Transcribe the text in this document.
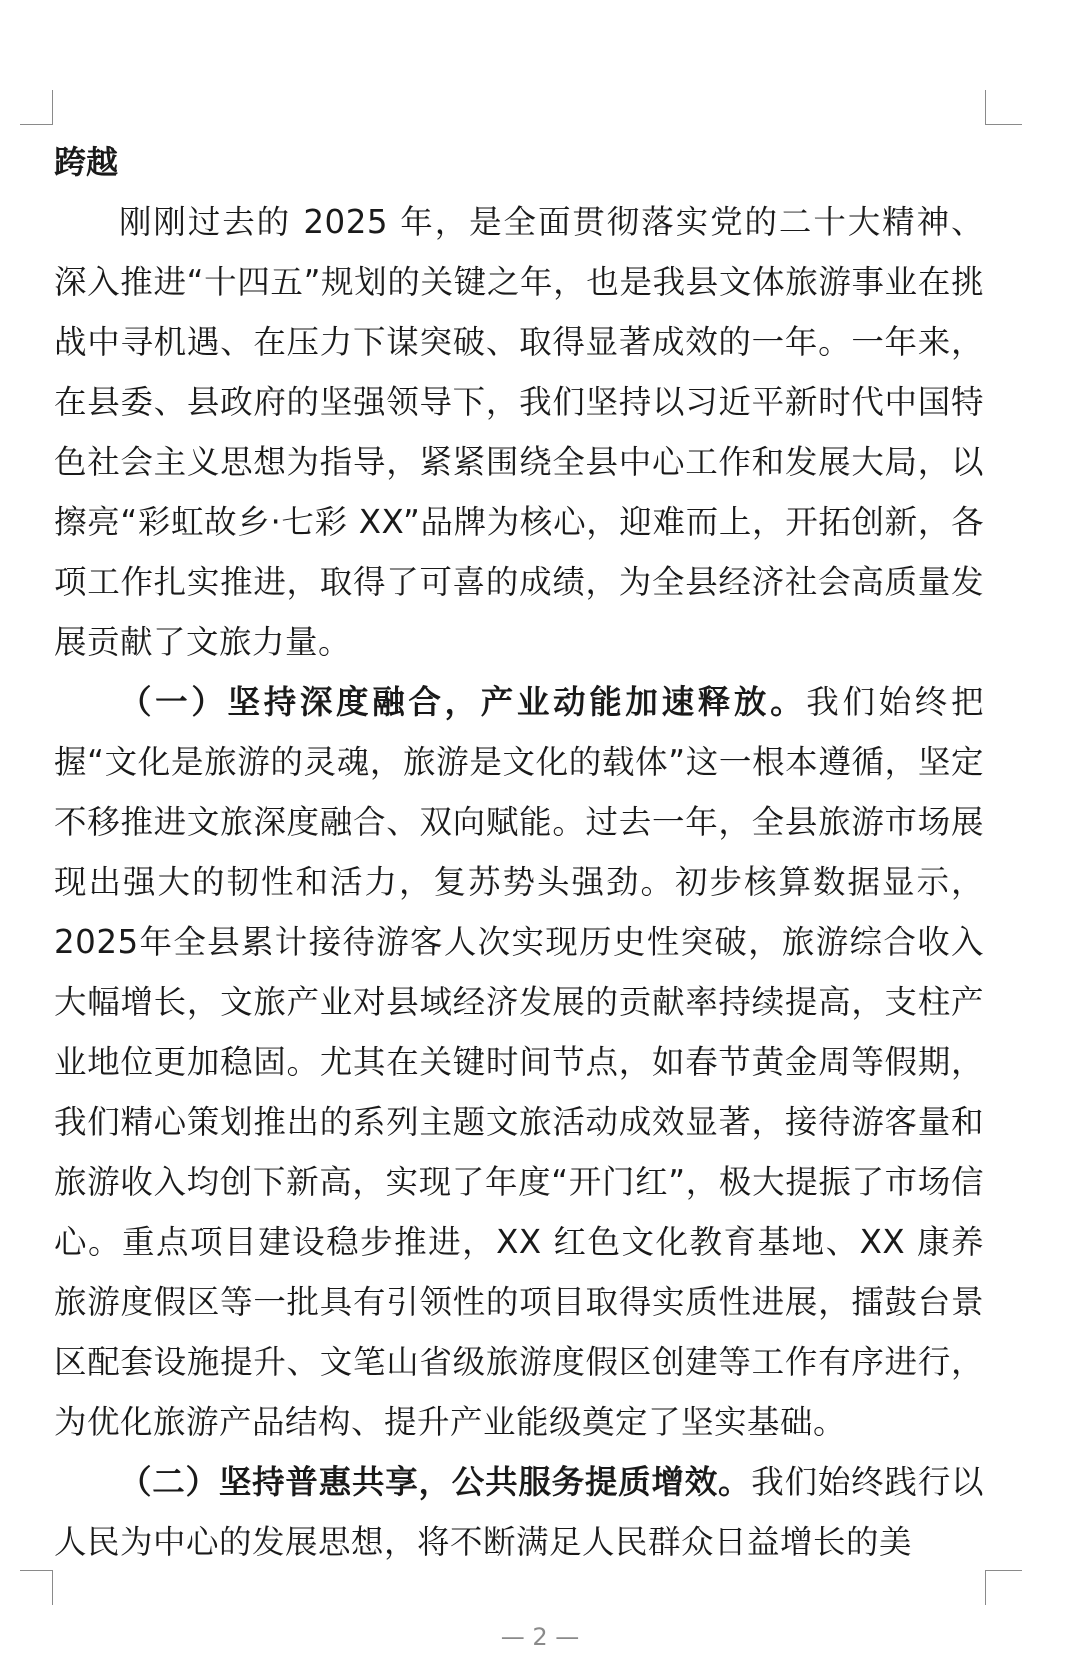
跨越

刚刚过去的 2025 年，是全面贯彻落实党的二十大精神、深入推进“十四五”规划的关键之年，也是我县文体旅游事业在挑战中寻机遇、在压力下谋突破、取得显著成效的一年。一年来，在县委、县政府的坚强领导下，我们坚持以习近平新时代中国特色社会主义思想为指导，紧紧围绕全县中心工作和发展大局，以擦亮“彩虹故乡·七彩 XX”品牌为核心，迎难而上，开拓创新，各项工作扎实推进，取得了可喜的成绩，为全县经济社会高质量发展贡献了文旅力量。

（一）坚持深度融合，产业动能加速释放。我们始终把握“文化是旅游的灵魂，旅游是文化的载体”这一根本遵循，坚定不移推进文旅深度融合、双向赋能。过去一年，全县旅游市场展现出强大的韧性和活力，复苏势头强劲。初步核算数据显示，2025年全县累计接待游客人次实现历史性突破，旅游综合收入大幅增长，文旅产业对县域经济发展的贡献率持续提高，支柱产业地位更加稳固。尤其在关键时间节点，如春节黄金周等假期，我们精心策划推出的系列主题文旅活动成效显著，接待游客量和旅游收入均创下新高，实现了年度“开门红”，极大提振了市场信心。重点项目建设稳步推进，XX 红色文化教育基地、XX 康养旅游度假区等一批具有引领性的项目取得实质性进展，擂鼓台景区配套设施提升、文笔山省级旅游度假区创建等工作有序进行，为优化旅游产品结构、提升产业能级奠定了坚实基础。

（二）坚持普惠共享，公共服务提质增效。我们始终践行以人民为中心的发展思想，将不断满足人民群众日益增长的美

— 2 —
